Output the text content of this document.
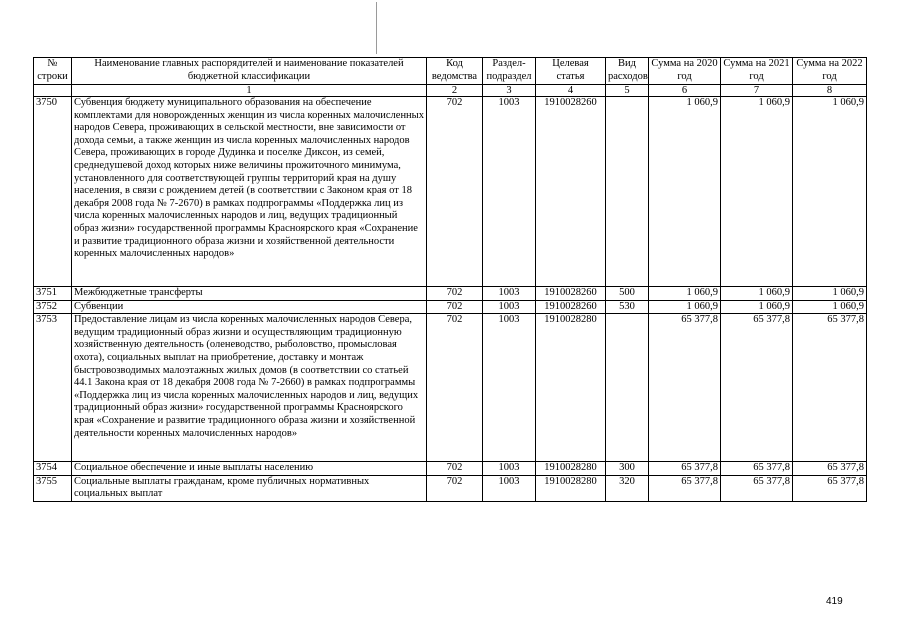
№ строки	Наименование главных распорядителей и наименование показателей бюджетной классификации	Код ведомства	Раздел-подраздел	Целевая статья	Вид расходов	Сумма на 2020 год	Сумма на 2021 год	Сумма на 2022 год
	1	2	3	4	5	6	7	8
3750	Субвенция бюджету муниципального образования на обеспечение комплектами для новорожденных женщин из числа коренных малочисленных народов Севера, проживающих в сельской местности, вне зависимости от дохода семьи, а также женщин из числа коренных малочисленных народов Севера, проживающих в городе Дудинка и поселке Диксон, из семей, среднедушевой доход которых ниже величины прожиточного минимума, установленного для соответствующей группы территорий края на душу населения, в связи с рождением детей (в соответствии с Законом края от 18 декабря 2008 года № 7-2670) в рамках подпрограммы «Поддержка лиц из числа коренных малочисленных народов и лиц, ведущих традиционный образ жизни» государственной программы Красноярского края «Сохранение и развитие традиционного образа жизни и хозяйственной деятельности коренных малочисленных народов»	702	1003	1910028260		1 060,9	1 060,9	1 060,9
3751	Межбюджетные трансферты	702	1003	1910028260	500	1 060,9	1 060,9	1 060,9
3752	Субвенции	702	1003	1910028260	530	1 060,9	1 060,9	1 060,9
3753	Предоставление лицам из числа коренных малочисленных народов Севера, ведущим традиционный образ жизни и осуществляющим традиционную хозяйственную деятельность (оленеводство, рыболовство, промысловая охота), социальных выплат на приобретение, доставку и монтаж быстровозводимых малоэтажных жилых домов (в соответствии со статьей 44.1 Закона края от 18 декабря 2008 года № 7-2660) в рамках подпрограммы «Поддержка лиц из числа коренных малочисленных народов и лиц, ведущих традиционный образ жизни» государственной программы Красноярского края «Сохранение и развитие традиционного образа жизни и хозяйственной деятельности коренных малочисленных народов»	702	1003	1910028280		65 377,8	65 377,8	65 377,8
3754	Социальное обеспечение и иные выплаты населению	702	1003	1910028280	300	65 377,8	65 377,8	65 377,8
3755	Социальные выплаты гражданам, кроме публичных нормативных социальных выплат	702	1003	1910028280	320	65 377,8	65 377,8	65 377,8
419
